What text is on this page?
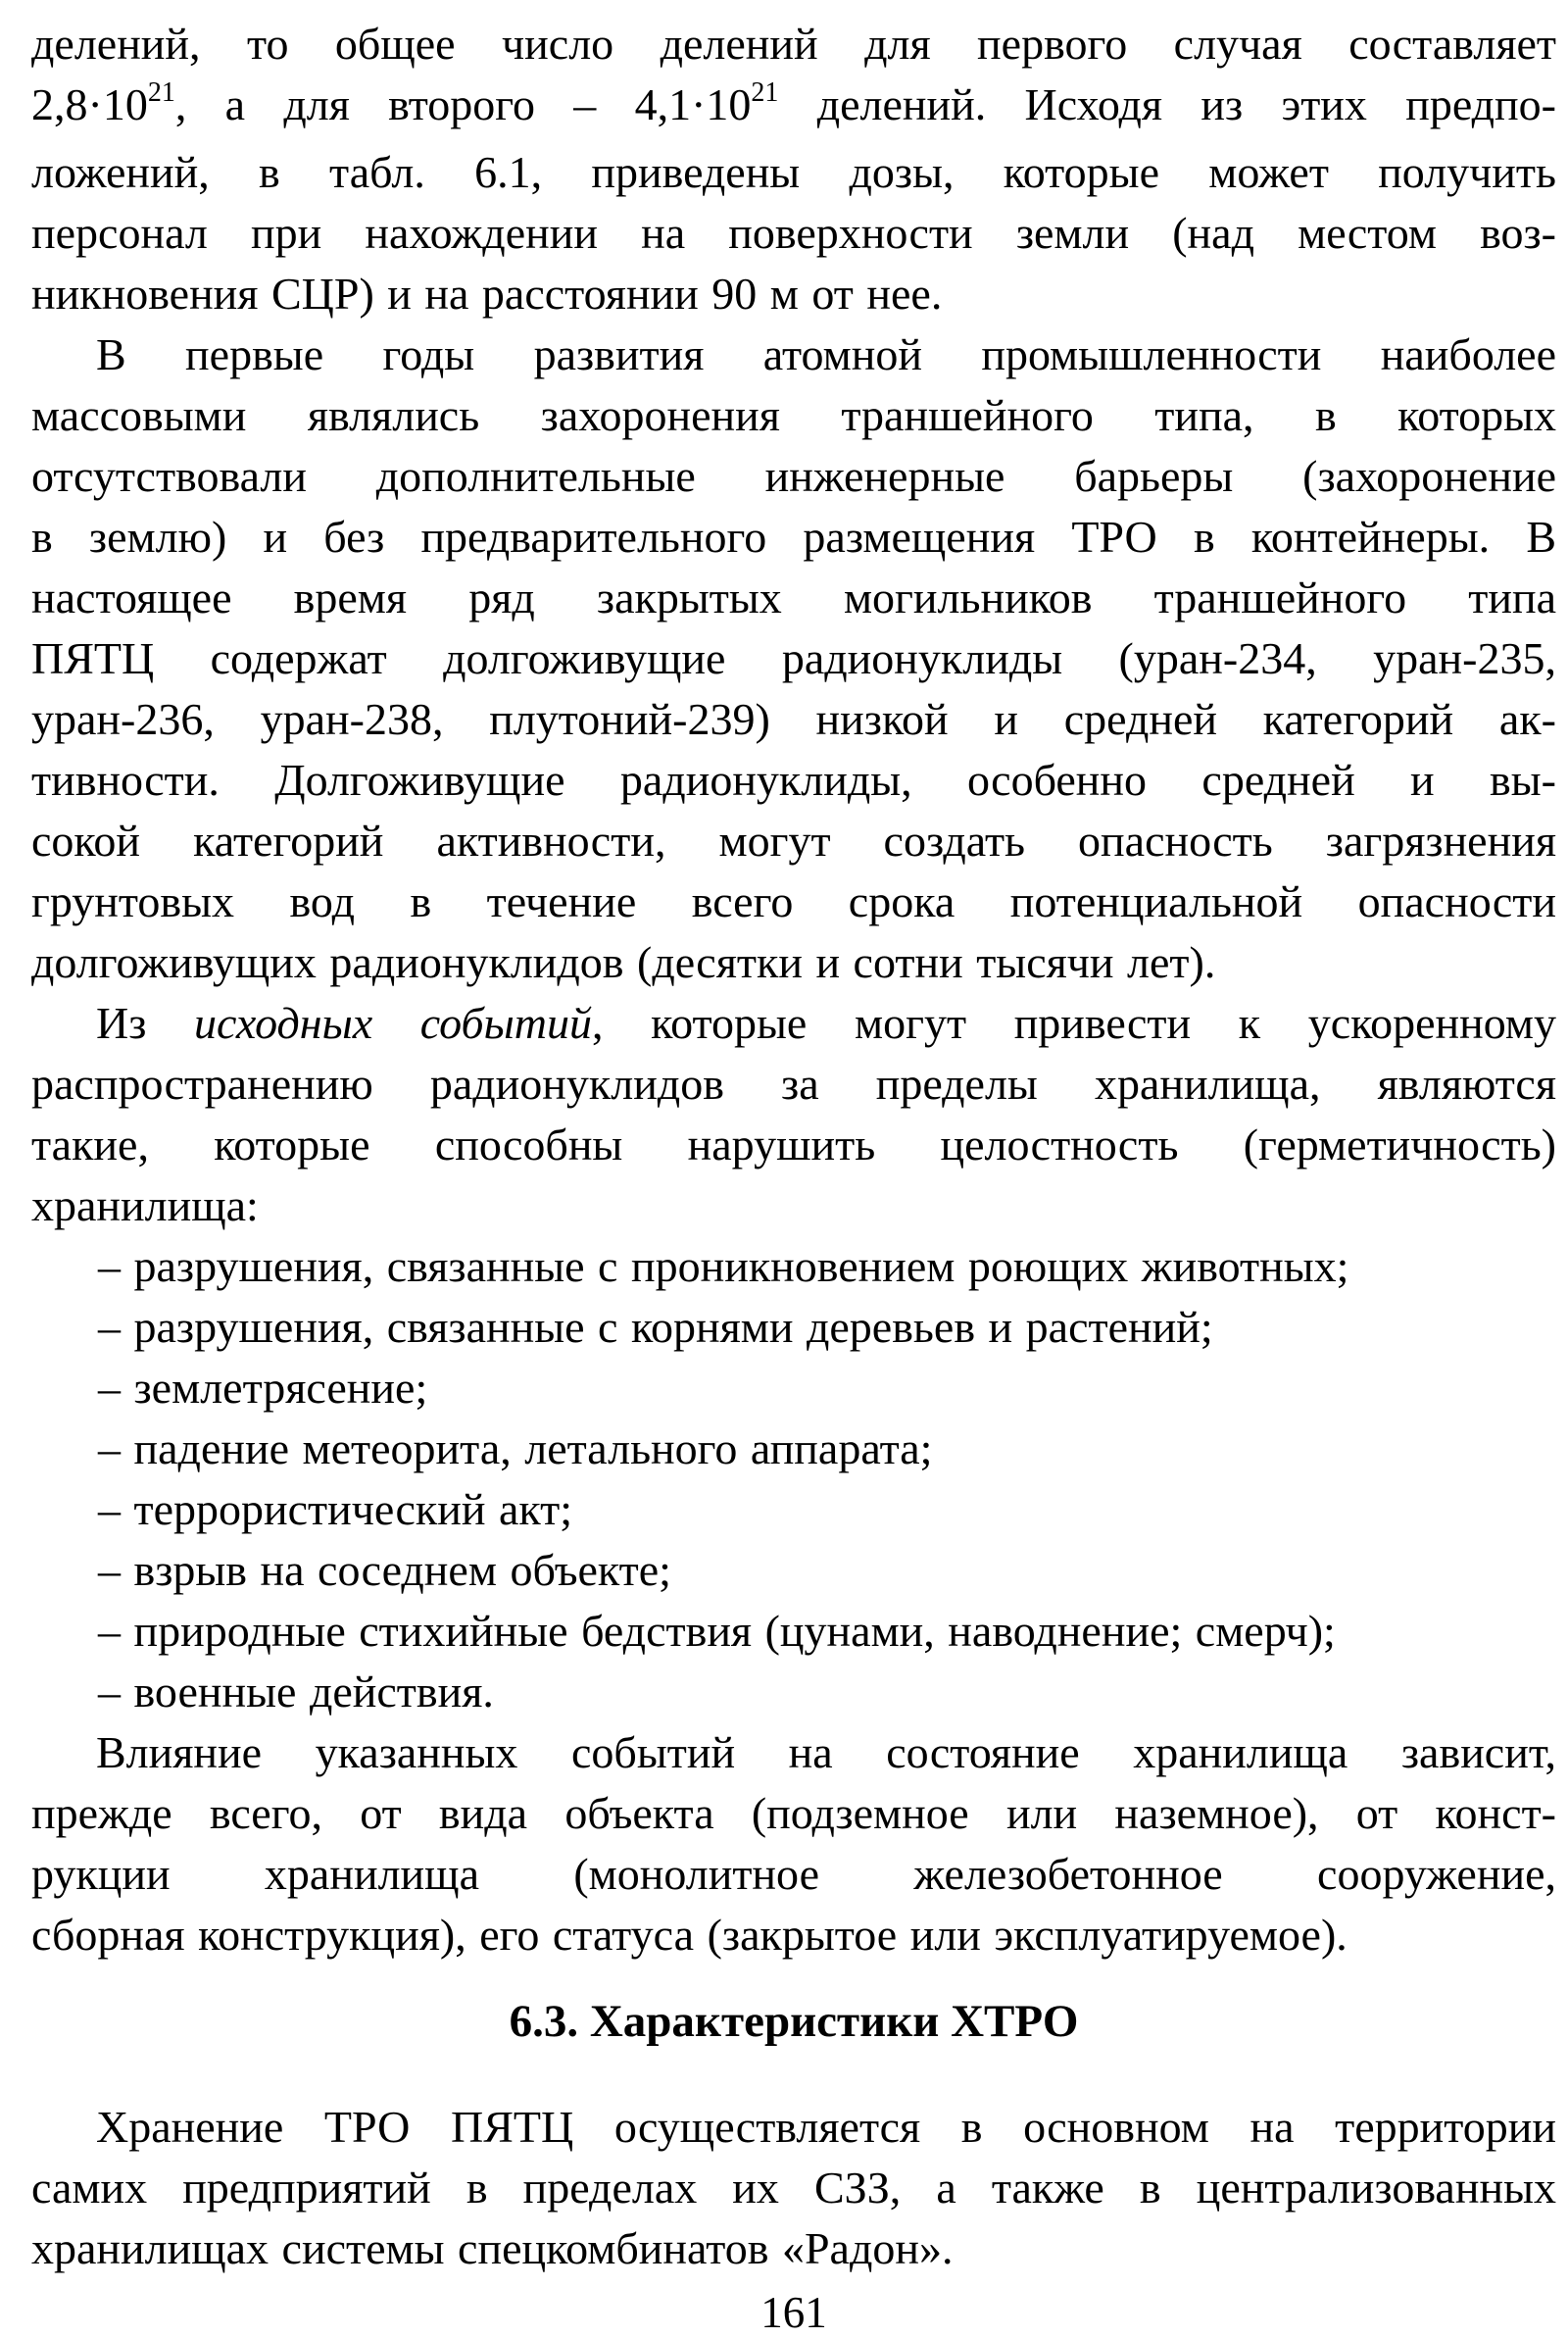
делений, то общее число делений для первого случая составляет
$2,8\cdot 10^{21}$, а для второго – $4,1\cdot 10^{21}$ делений. Исходя из этих предпо-
ложений, в табл. 6.1, приведены дозы, которые может получить
персонал при нахождении на поверхности земли (над местом воз-
никновения СЦР) и на расстоянии 90 м от нее.
В первые годы развития атомной промышленности наиболее
массовыми являлись захоронения траншейного типа, в которых
отсутствовали дополнительные инженерные барьеры (захоронение
в землю) и без предварительного размещения ТРО в контейнеры. В
настоящее время ряд закрытых могильников траншейного типа
ПЯТЦ содержат долгоживущие радионуклиды (уран-234, уран-235,
уран-236, уран-238, плутоний-239) низкой и средней категорий ак-
тивности. Долгоживущие радионуклиды, особенно средней и вы-
сокой категорий активности, могут создать опасность загрязнения
грунтовых вод в течение всего срока потенциальной опасности
долгоживущих радионуклидов (десятки и сотни тысячи лет).
Из исходных событий, которые могут привести к ускоренному
распространению радионуклидов за пределы хранилища, являются
такие, которые способны нарушить целостность (герметичность)
хранилища:
– разрушения, связанные с проникновением роющих животных;
– разрушения, связанные с корнями деревьев и растений;
– землетрясение;
– падение метеорита, летального аппарата;
– террористический акт;
– взрыв на соседнем объекте;
– природные стихийные бедствия (цунами, наводнение; смерч);
– военные действия.
Влияние указанных событий на состояние хранилища зависит,
прежде всего, от вида объекта (подземное или наземное), от конст-
рукции хранилища (монолитное железобетонное сооружение,
сборная конструкция), его статуса (закрытое или эксплуатируемое).
6.3. Характеристики ХТРО
Хранение ТРО ПЯТЦ осуществляется в основном на территории
самих предприятий в пределах их СЗЗ, а также в централизованных
хранилищах системы спецкомбинатов «Радон».
161
